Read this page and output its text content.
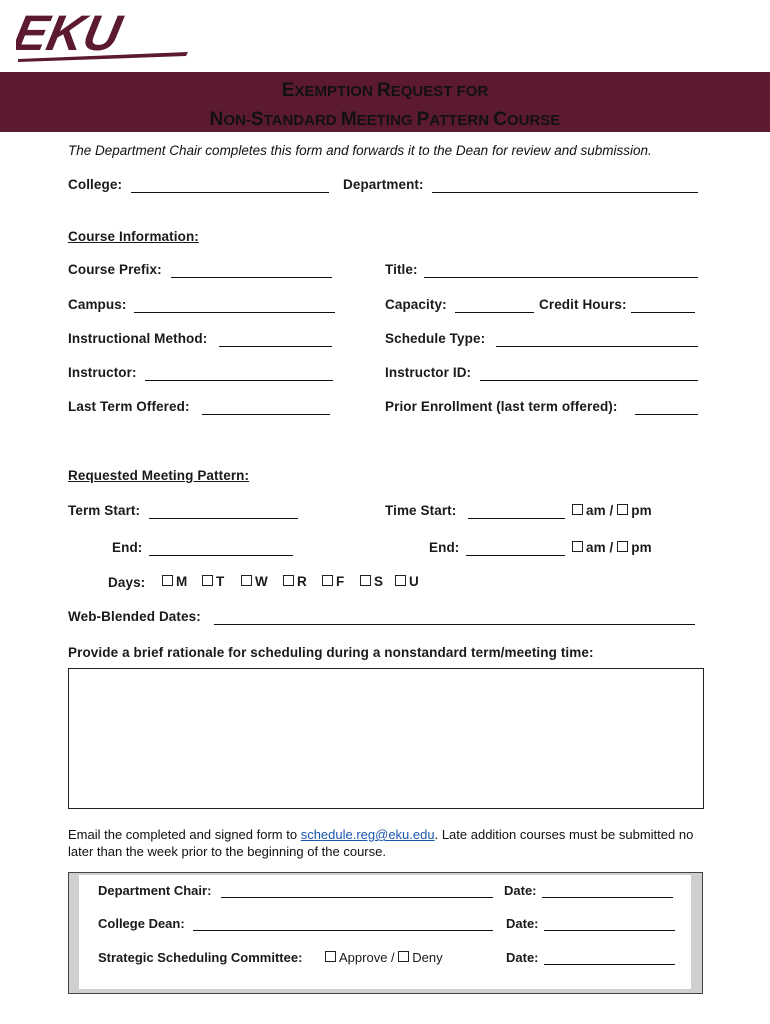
EKU
EXEMPTION REQUEST FOR
NON-STANDARD MEETING PATTERN COURSE
The Department Chair completes this form and forwards it to the Dean for review and submission.
College:	Department:
Course Information:
Course Prefix:	Title:
Campus:	Capacity:	Credit Hours:
Instructional Method:	Schedule Type:
Instructor:	Instructor ID:
Last Term Offered:	Prior Enrollment (last term offered):
Requested Meeting Pattern:
Term Start:	Time Start:	am / pm
End:	End:	am / pm
Days:	M	T	W	R	F	S	U
Web-Blended Dates:
Provide a brief rationale for scheduling during a nonstandard term/meeting time:
Email the completed and signed form to schedule.reg@eku.edu. Late addition courses must be submitted no later than the week prior to the beginning of the course.
Department Chair:	Date:
College Dean:	Date:
Strategic Scheduling Committee:	Approve / Deny	Date:
